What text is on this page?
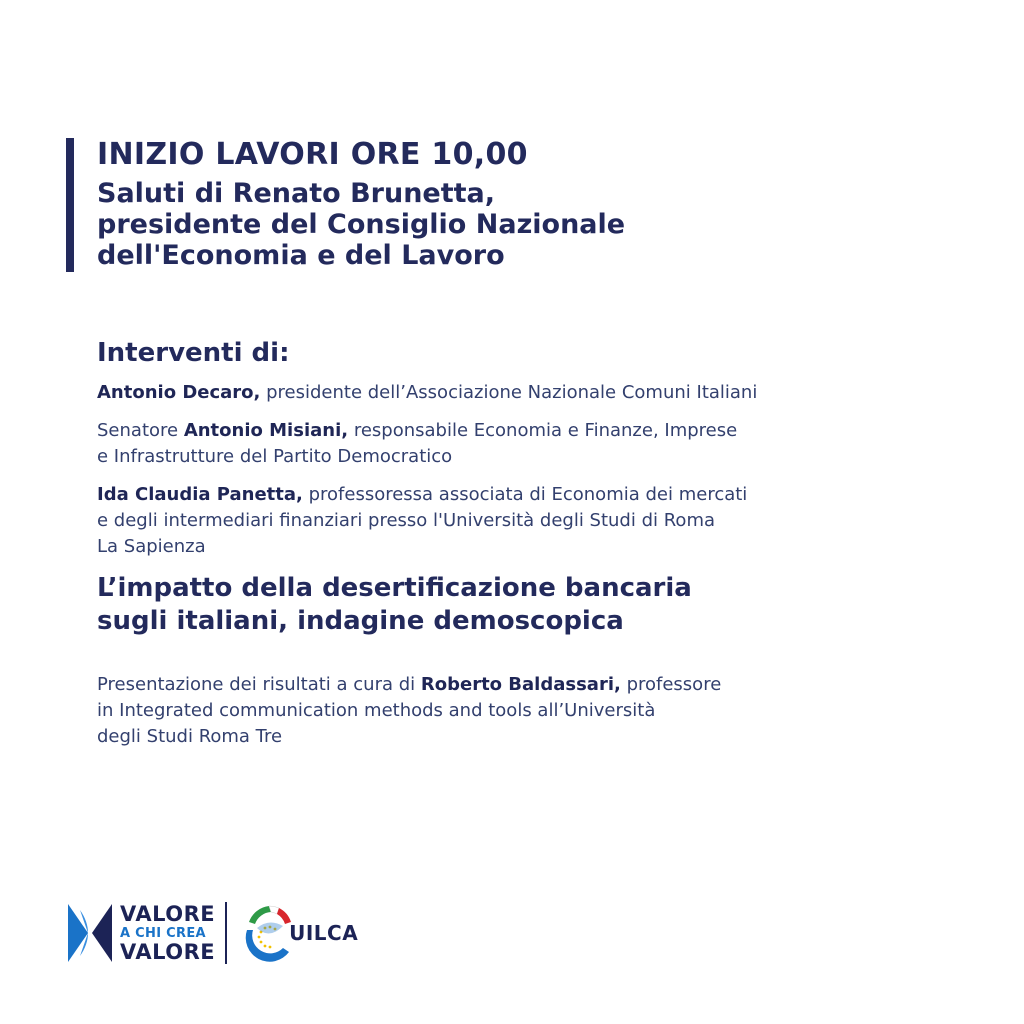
INIZIO LAVORI ORE 10,00
Saluti di Renato Brunetta,
presidente del Consiglio Nazionale
dell'Economia e del Lavoro
Interventi di:

Antonio Decaro, presidente dell’Associazione Nazionale Comuni Italiani

Senatore Antonio Misiani, responsabile Economia e Finanze, Imprese
e Infrastrutture del Partito Democratico

Ida Claudia Panetta, professoressa associata di Economia dei mercati
e degli intermediari finanziari presso l'Università degli Studi di Roma
La Sapienza

L’impatto della desertificazione bancaria
sugli italiani, indagine demoscopica

Presentazione dei risultati a cura di Roberto Baldassari, professore
in Integrated communication methods and tools all’Università
degli Studi Roma Tre

VALORE
A CHI CREA
VALORE
UILCA
